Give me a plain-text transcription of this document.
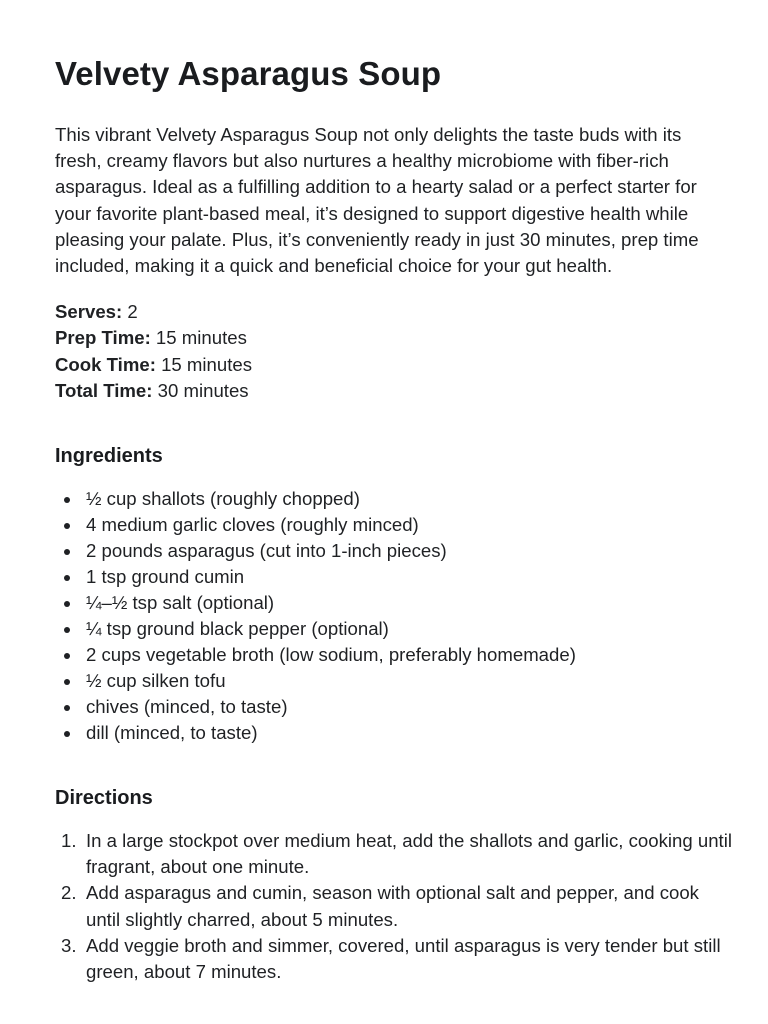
Velvety Asparagus Soup

This vibrant Velvety Asparagus Soup not only delights the taste buds with its fresh, creamy flavors but also nurtures a healthy microbiome with fiber-rich asparagus. Ideal as a fulfilling addition to a hearty salad or a perfect starter for your favorite plant-based meal, it’s designed to support digestive health while pleasing your palate. Plus, it’s conveniently ready in just 30 minutes, prep time included, making it a quick and beneficial choice for your gut health.

Serves: 2
Prep Time: 15 minutes
Cook Time: 15 minutes
Total Time: 30 minutes
Ingredients
½ cup shallots (roughly chopped)
4 medium garlic cloves (roughly minced)
2 pounds asparagus (cut into 1-inch pieces)
1 tsp ground cumin
¼–½ tsp salt (optional)
¼ tsp ground black pepper (optional)
2 cups vegetable broth (low sodium, preferably homemade)
½ cup silken tofu
chives (minced, to taste)
dill (minced, to taste)
Directions
1. In a large stockpot over medium heat, add the shallots and garlic, cooking until fragrant, about one minute.
2. Add asparagus and cumin, season with optional salt and pepper, and cook until slightly charred, about 5 minutes.
3. Add veggie broth and simmer, covered, until asparagus is very tender but still green, about 7 minutes.
